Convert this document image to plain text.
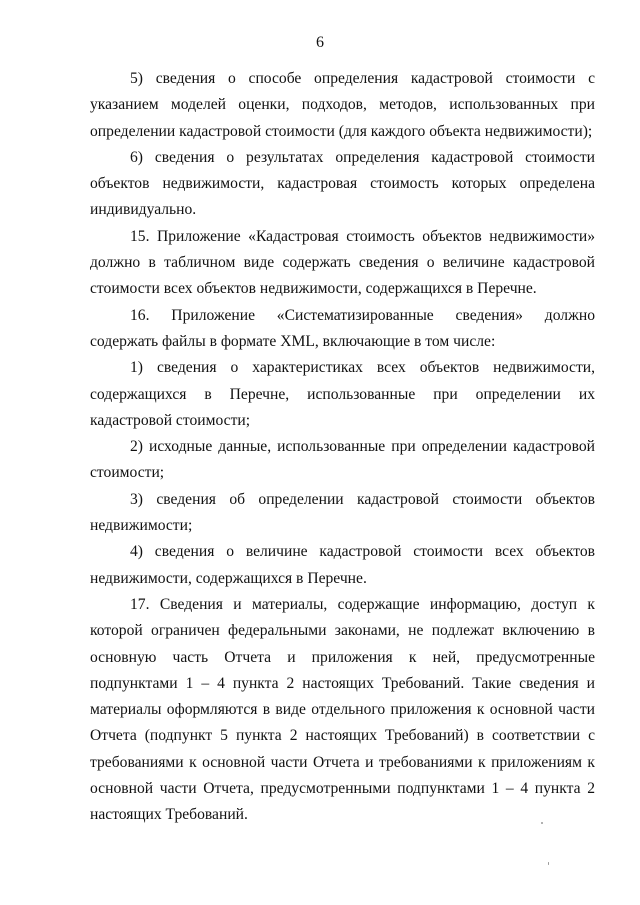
6

5) сведения о способе определения кадастровой стоимости с указанием моделей оценки, подходов, методов, использованных при определении кадастровой стоимости (для каждого объекта недвижимости);

6) сведения о результатах определения кадастровой стоимости объектов недвижимости, кадастровая стоимость которых определена индивидуально.

15. Приложение «Кадастровая стоимость объектов недвижимости» должно в табличном виде содержать сведения о величине кадастровой стоимости всех объектов недвижимости, содержащихся в Перечне.

16. Приложение «Систематизированные сведения» должно содержать файлы в формате XML, включающие в том числе:

1) сведения о характеристиках всех объектов недвижимости, содержащихся в Перечне, использованные при определении их кадастровой стоимости;

2) исходные данные, использованные при определении кадастровой стоимости;

3) сведения об определении кадастровой стоимости объектов недвижимости;

4) сведения о величине кадастровой стоимости всех объектов недвижимости, содержащихся в Перечне.

17. Сведения и материалы, содержащие информацию, доступ к которой ограничен федеральными законами, не подлежат включению в основную часть Отчета и приложения к ней, предусмотренные подпунктами 1 – 4 пункта 2 настоящих Требований. Такие сведения и материалы оформляются в виде отдельного приложения к основной части Отчета (подпункт 5 пункта 2 настоящих Требований) в соответствии с требованиями к основной части Отчета и требованиями к приложениям к основной части Отчета, предусмотренными подпунктами 1 – 4 пункта 2 настоящих Требований.
